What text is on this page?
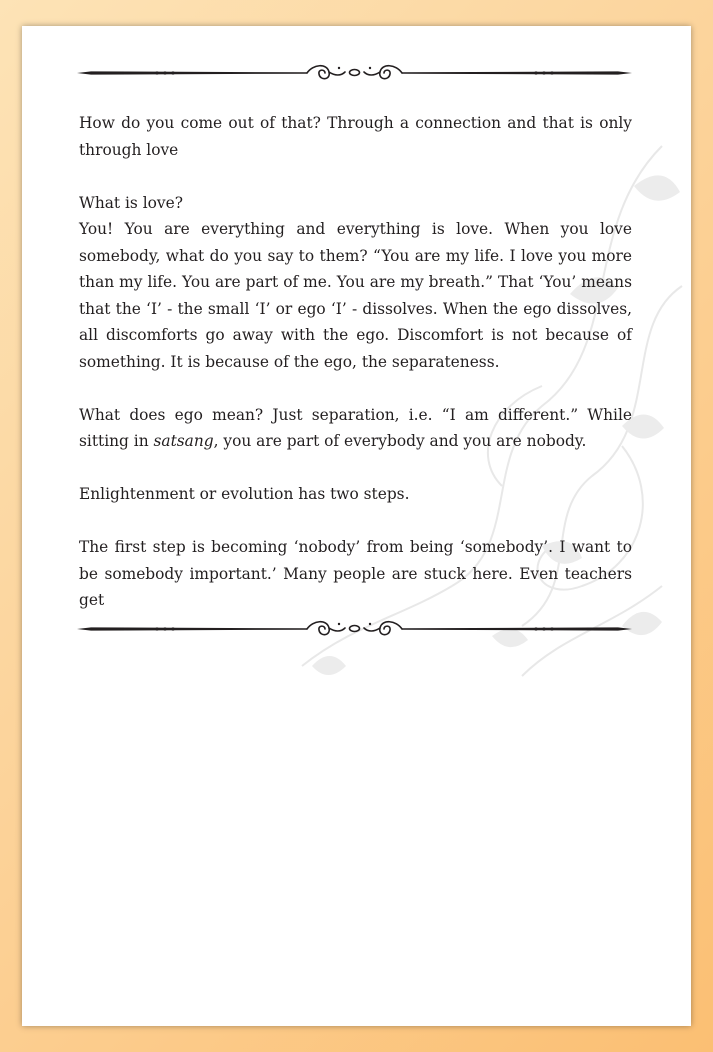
How do you come out of that? Through a connection and that is only through love

What is love?

You! You are everything and everything is love. When you love somebody, what do you say to them? “You are my life. I love you more than my life. You are part of me. You are my breath.” That ‘You’ means that the ‘I’ - the small ‘I’ or ego ‘I’ - dissolves. When the ego dissolves, all discomforts go away with the ego. Discomfort is not because of something. It is because of the ego, the separateness.

What does ego mean? Just separation, i.e. “I am different.” While sitting in satsang, you are part of everybody and you are nobody.

Enlightenment or evolution has two steps.

The first step is becoming ‘nobody’ from being ‘somebody’. I want to be somebody important.’ Many people are stuck here. Even teachers get
